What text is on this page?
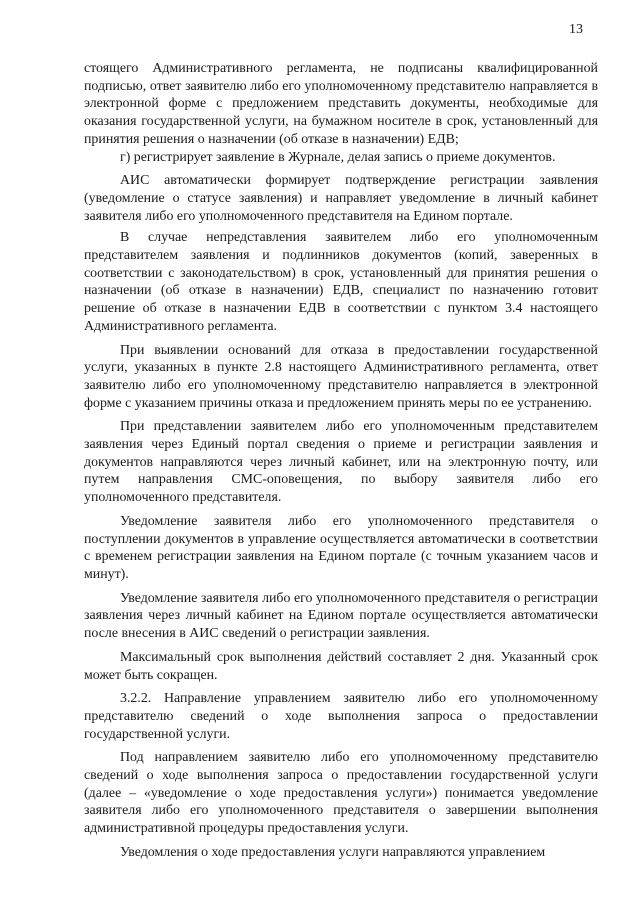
13

стоящего Административного регламента, не подписаны квалифицированной подписью, ответ заявителю либо его уполномоченному представителю направляется в электронной форме с предложением представить документы, необходимые для оказания государственной услуги, на бумажном носителе в срок, установленный для принятия решения о назначении (об отказе в назначении) ЕДВ;

г) регистрирует заявление в Журнале, делая запись о приеме документов.

АИС автоматически формирует подтверждение регистрации заявления (уведомление о статусе заявления) и направляет уведомление в личный кабинет заявителя либо его уполномоченного представителя на Едином портале.

В случае непредставления заявителем либо его уполномоченным представителем заявления и подлинников документов (копий, заверенных в соответствии с законодательством) в срок, установленный для принятия решения о назначении (об отказе в назначении) ЕДВ, специалист по назначению готовит решение об отказе в назначении ЕДВ в соответствии с пунктом 3.4 настоящего Административного регламента.

При выявлении оснований для отказа в предоставлении государственной услуги, указанных в пункте 2.8 настоящего Административного регламента, ответ заявителю либо его уполномоченному представителю направляется в электронной форме с указанием причины отказа и предложением принять меры по ее устранению.

При представлении заявителем либо его уполномоченным представителем заявления через Единый портал сведения о приеме и регистрации заявления и документов направляются через личный кабинет, или на электронную почту, или путем направления СМС-оповещения, по выбору заявителя либо его уполномоченного представителя.

Уведомление заявителя либо его уполномоченного представителя о поступлении документов в управление осуществляется автоматически в соответствии с временем регистрации заявления на Едином портале (с точным указанием часов и минут).

Уведомление заявителя либо его уполномоченного представителя о регистрации заявления через личный кабинет на Едином портале осуществляется автоматически после внесения в АИС сведений о регистрации заявления.

Максимальный срок выполнения действий составляет 2 дня. Указанный срок может быть сокращен.

3.2.2. Направление управлением заявителю либо его уполномоченному представителю сведений о ходе выполнения запроса о предоставлении государственной услуги.

Под направлением заявителю либо его уполномоченному представителю сведений о ходе выполнения запроса о предоставлении государственной услуги (далее – «уведомление о ходе предоставления услуги») понимается уведомление заявителя либо его уполномоченного представителя о завершении выполнения административной процедуры предоставления услуги.

Уведомления о ходе предоставления услуги направляются управлением
